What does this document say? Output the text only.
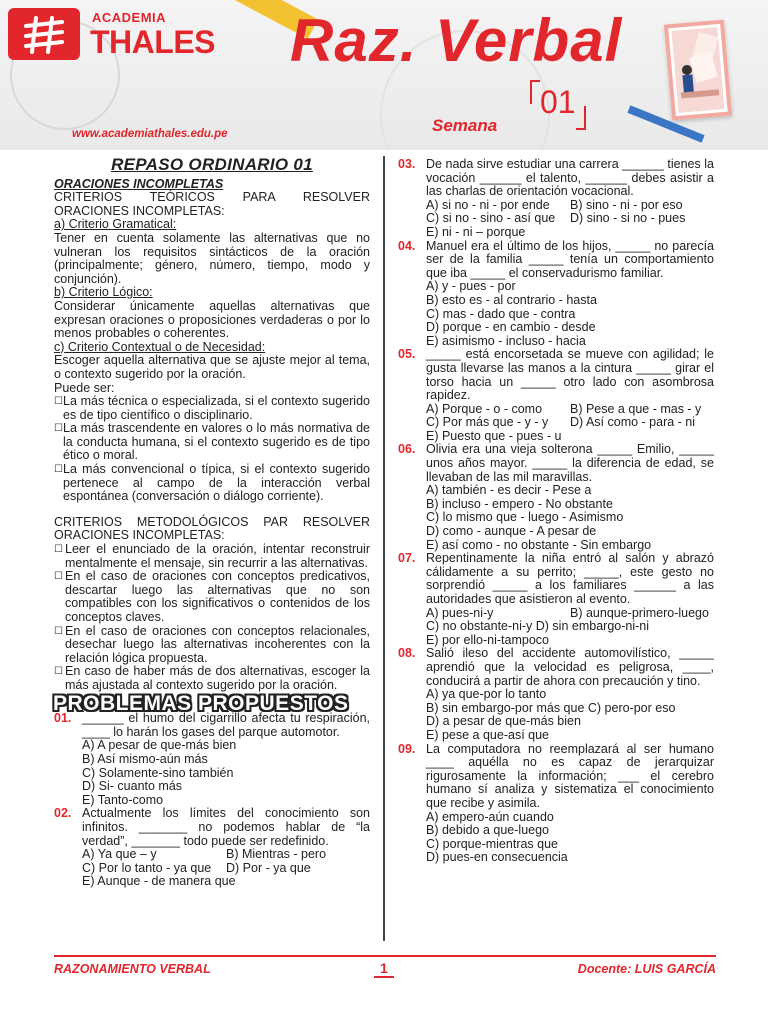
ACADEMIA
THALES
www.academiathales.edu.pe
Raz. Verbal
01
Semana
REPASO ORDINARIO 01
ORACIONES INCOMPLETAS
CRITERIOS TEÓRICOS PARA RESOLVER ORACIONES INCOMPLETAS:
a) Criterio Gramatical:
Tener en cuenta solamente las alternativas que no vulneran los requisitos sintácticos de la oración (principalmente; género, número, tiempo, modo y conjunción).
b) Criterio Lógico:
Considerar únicamente aquellas alternativas que expresan oraciones o proposiciones verdaderas o por lo menos probables o coherentes.
c) Criterio Contextual o de Necesidad:
Escoger aquella alternativa que se ajuste mejor al tema, o contexto sugerido por la oración.
Puede ser:
☐ La más técnica o especializada, si el contexto sugerido es de tipo científico o disciplinario.
☐ La más trascendente en valores o lo más normativa de la conducta humana, si el contexto sugerido es de tipo ético o moral.
☐ La más convencional o típica, si el contexto sugerido pertenece al campo de la interacción verbal espontánea (conversación o diálogo corriente).
CRITERIOS METODOLÓGICOS PAR RESOLVER ORACIONES INCOMPLETAS:
☐ Leer el enunciado de la oración, intentar reconstruir mentalmente el mensaje, sin recurrir a las alternativas.
☐ En el caso de oraciones con conceptos predicativos, descartar luego las alternativas que no son compatibles con los significativos o contenidos de los conceptos claves.
☐ En el caso de oraciones con conceptos relacionales, desechar luego las alternativas incoherentes con la relación lógica propuesta.
☐ En caso de haber más de dos alternativas, escoger la más ajustada al contexto sugerido por la oración.
PROBLEMAS PROPUESTOS
01. ______ el humo del cigarrillo afecta tu respiración, ____ lo harán los gases del parque automotor.
A) A pesar de que-más bien
B) Así mismo-aún más
C) Solamente-sino también
D) Si- cuanto más
E) Tanto-como
02. Actualmente los límites del conocimiento son infinitos. _______ no podemos hablar de “la verdad”, _______ todo puede ser redefinido.
A) Ya que – y	B) Mientras - pero
C) Por lo tanto - ya que	D) Por - ya que
E) Aunque - de manera que
03. De nada sirve estudiar una carrera ______ tienes la vocación ______ el talento, ______ debes asistir a las charlas de orientación vocacional.
A) si no - ni - por ende	B) sino - ni - por eso
C) si no - sino - así que	D) sino - si no - pues
E) ni - ni – porque
04. Manuel era el último de los hijos, _____ no parecía ser de la familia _____ tenía un comportamiento que iba _____ el conservadurismo familiar.
A) y - pues - por
B) esto es - al contrario - hasta
C) mas - dado que - contra
D) porque - en cambio - desde
E) asimismo - incluso - hacia
05. _____ está encorsetada se mueve con agilidad; le gusta llevarse las manos a la cintura _____ girar el torso hacia un _____ otro lado con asombrosa rapidez.
A) Porque - o - como	B) Pese a que - mas - y
C) Por más que - y - y	D) Así como - para - ni
E) Puesto que - pues - u
06. Olivia era una vieja solterona _____ Emilio, _____ unos años mayor. _____ la diferencia de edad, se llevaban de las mil maravillas.
A) también - es decir - Pese a
B) incluso - empero - No obstante
C) lo mismo que - luego - Asimismo
D) como - aunque - A pesar de
E) así como - no obstante - Sin embargo
07. Repentinamente la niña entró al salón y abrazó cálidamente a su perrito; _____, este gesto no sorprendió _____ a los familiares ______ a las autoridades que asistieron al evento.
A) pues-ni-y	B) aunque-primero-luego
C) no obstante-ni-y D) sin embargo-ni-ni
E) por ello-ni-tampoco
08. Salió ileso del accidente automovilístico, _____ aprendió que la velocidad es peligrosa, ____, conducirá a partir de ahora con precaución y tino.
A) ya que-por lo tanto
B) sin embargo-por más que C) pero-por eso
D) a pesar de que-más bien
E) pese a que-así que
09. La computadora no reemplazará al ser humano ____ aquélla no es capaz de jerarquizar rigurosamente la información; ___ el cerebro humano sí analiza y sistematiza el conocimiento que recibe y asimila.
A) empero-aún cuando
B) debido a que-luego
C) porque-mientras que
D) pues-en consecuencia
RAZONAMIENTO VERBAL	1	Docente: LUIS GARCÍA
